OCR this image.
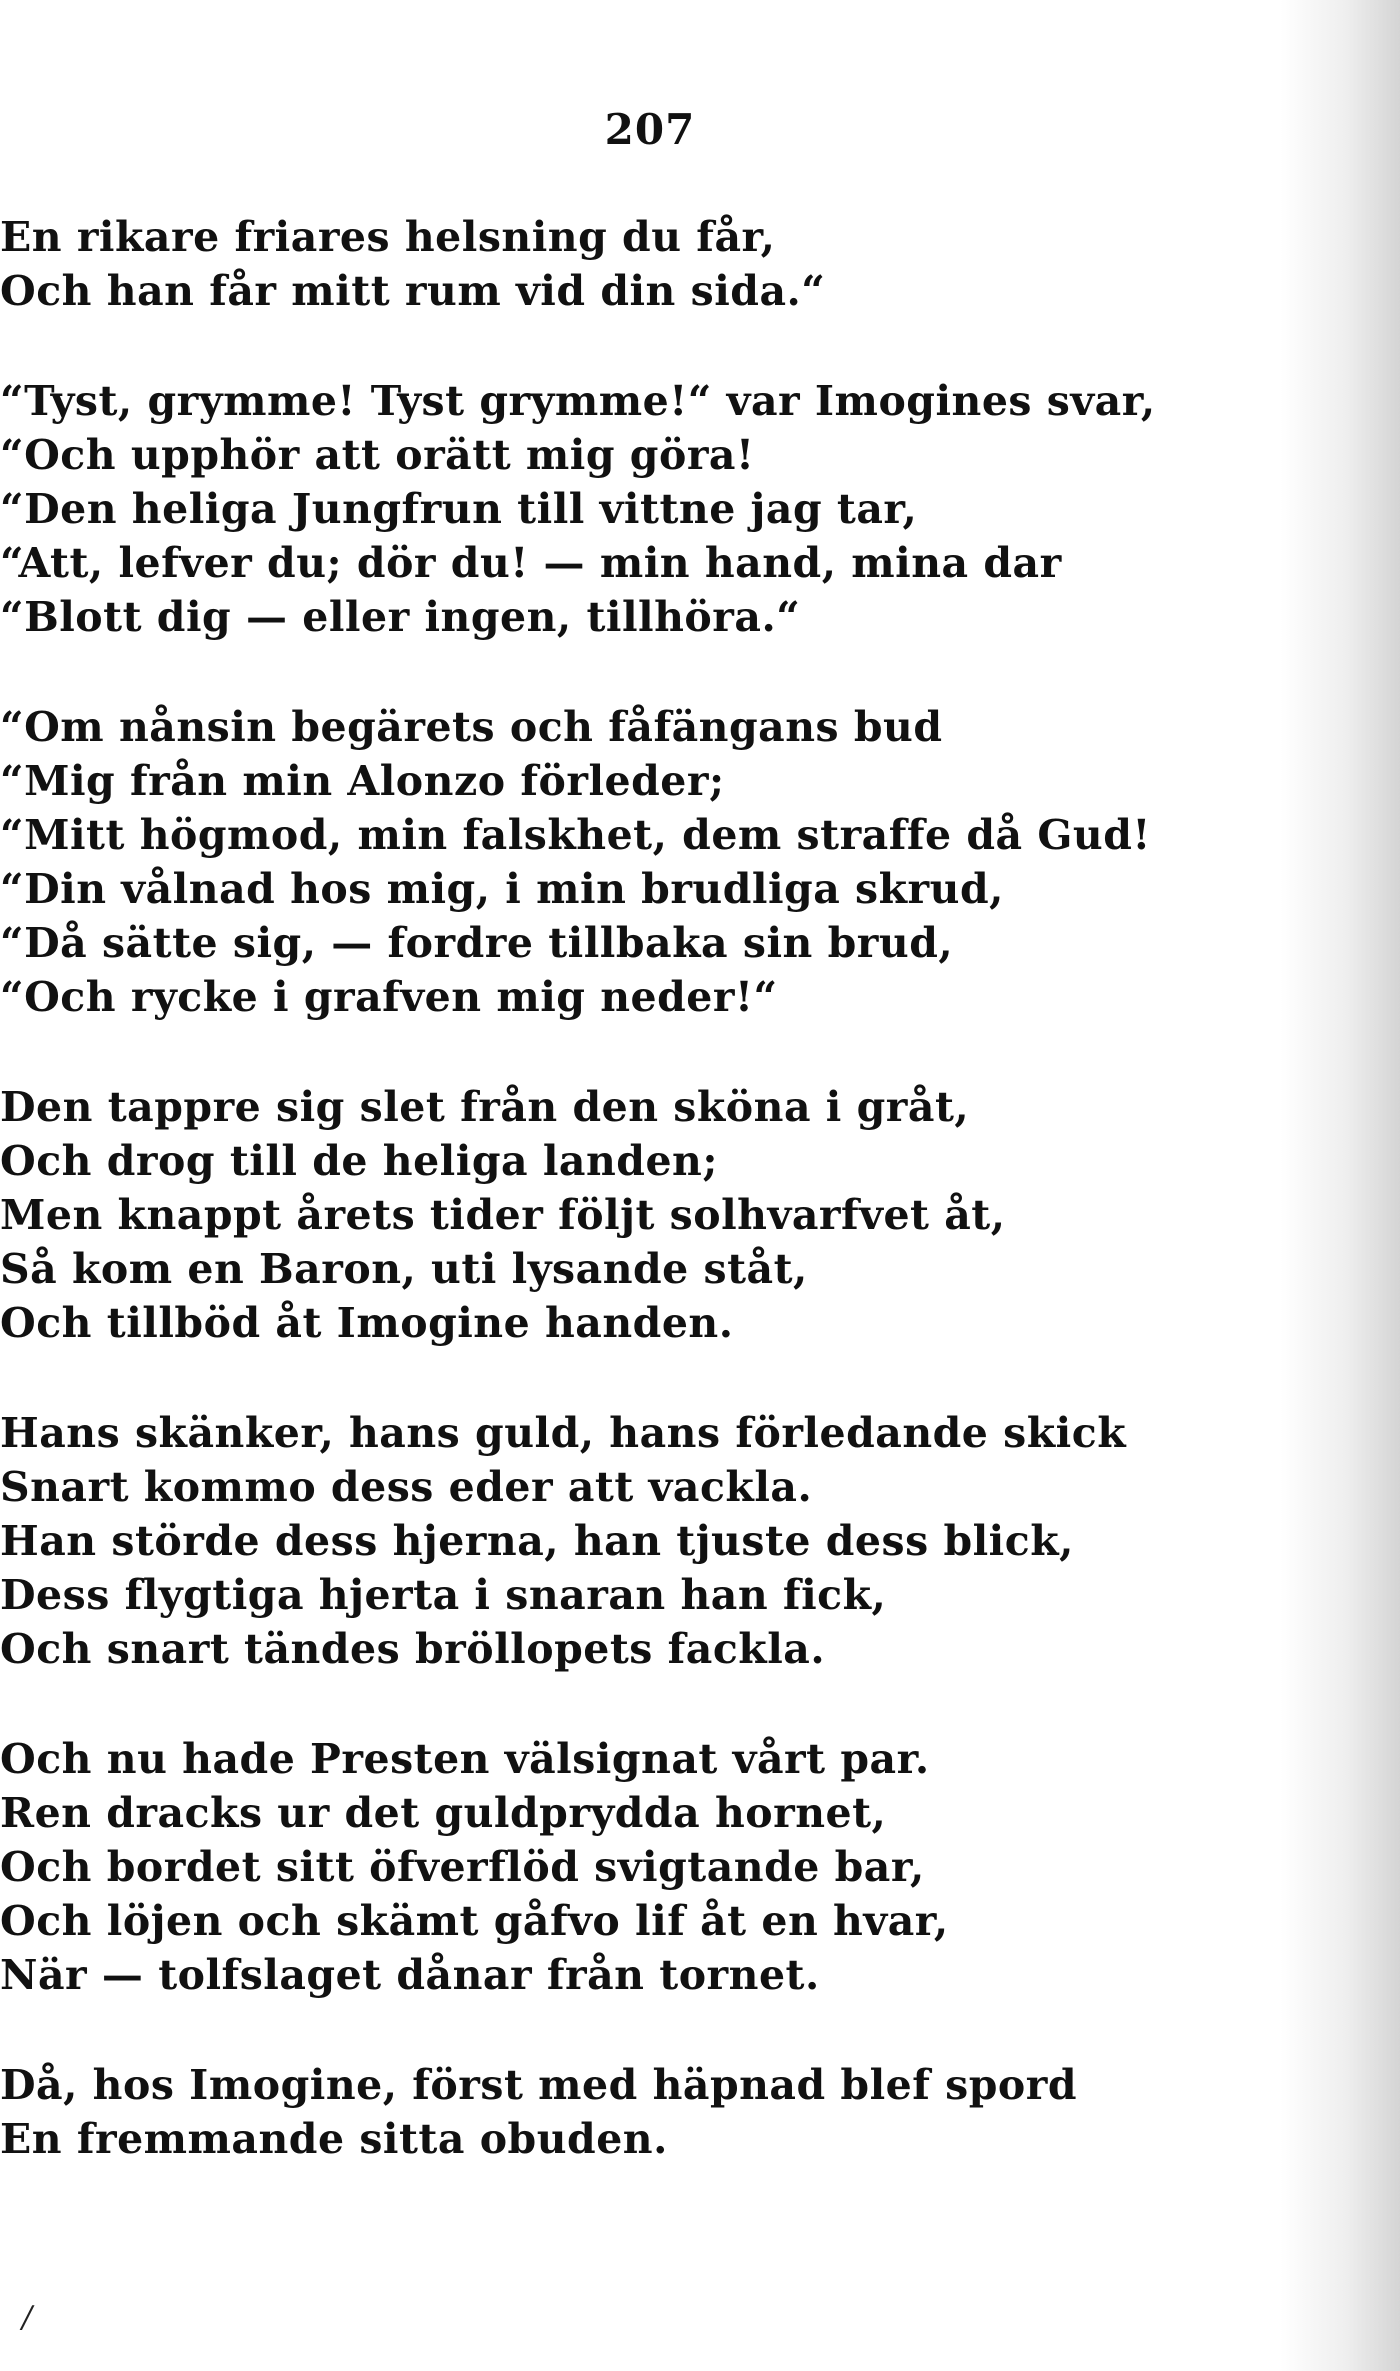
207
En rikare friares helsning du får,
Och han får mitt rum vid din sida.“
“Tyst, grymme! Tyst grymme!“ var Imogines svar,
“Och upphör att orätt mig göra!
“Den heliga Jungfrun till vittne jag tar,
“Att, lefver du; dör du! — min hand, mina dar
“Blott dig — eller ingen, tillhöra.“
“Om nånsin begärets och fåfängans bud
“Mig från min Alonzo förleder;
“Mitt högmod, min falskhet, dem straffe då Gud!
“Din vålnad hos mig, i min brudliga skrud,
“Då sätte sig, — fordre tillbaka sin brud,
“Och rycke i grafven mig neder!“
Den tappre sig slet från den sköna i gråt,
Och drog till de heliga landen;
Men knappt årets tider följt solhvarfvet åt,
Så kom en Baron, uti lysande ståt,
Och tillböd åt Imogine handen.
Hans skänker, hans guld, hans förledande skick
Snart kommo dess eder att vackla.
Han störde dess hjerna, han tjuste dess blick,
Dess flygtiga hjerta i snaran han fick,
Och snart tändes bröllopets fackla.
Och nu hade Presten välsignat vårt par.
Ren dracks ur det guldprydda hornet,
Och bordet sitt öfverflöd svigtande bar,
Och löjen och skämt gåfvo lif åt en hvar,
När — tolfslaget dånar från tornet.
Då, hos Imogine, först med häpnad blef spord
En fremmande sitta obuden.
/
